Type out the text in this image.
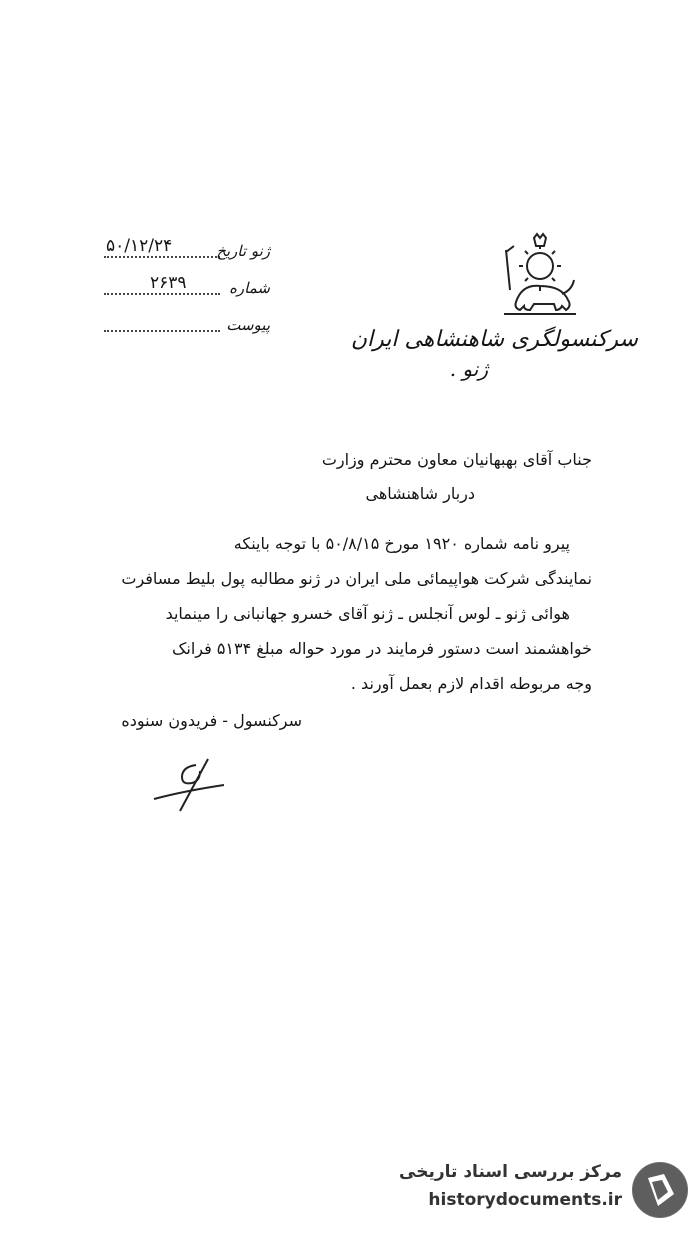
سرکنسولگری شاهنشاهی ایران
ژنو .
۵۰/۱۲/۲۴	ژنو تاریخ
۲۶۳۹	شماره
پیوست
جناب آقای بهبهانیان معاون محترم وزارت
دربار شاهنشاهی
پیرو نامه شماره ۱۹۲۰ مورخ ۵۰/۸/۱۵ با توجه باینکه
نمایندگی شرکت هواپیمائی ملی ایران در ژنو مطالبه پول بلیط مسافرت
هوائی ژنو ـ لوس آنجلس ـ ژنو آقای خسرو جهانبانی را مینماید
خواهشمند است دستور فرمایند در مورد حواله مبلغ ۵۱۳۴ فرانک
وجه مربوطه اقدام لازم بعمل آورند .
سرکنسول - فریدون سنوده
مرکز بررسی اسناد تاریخی
historydocuments.ir
